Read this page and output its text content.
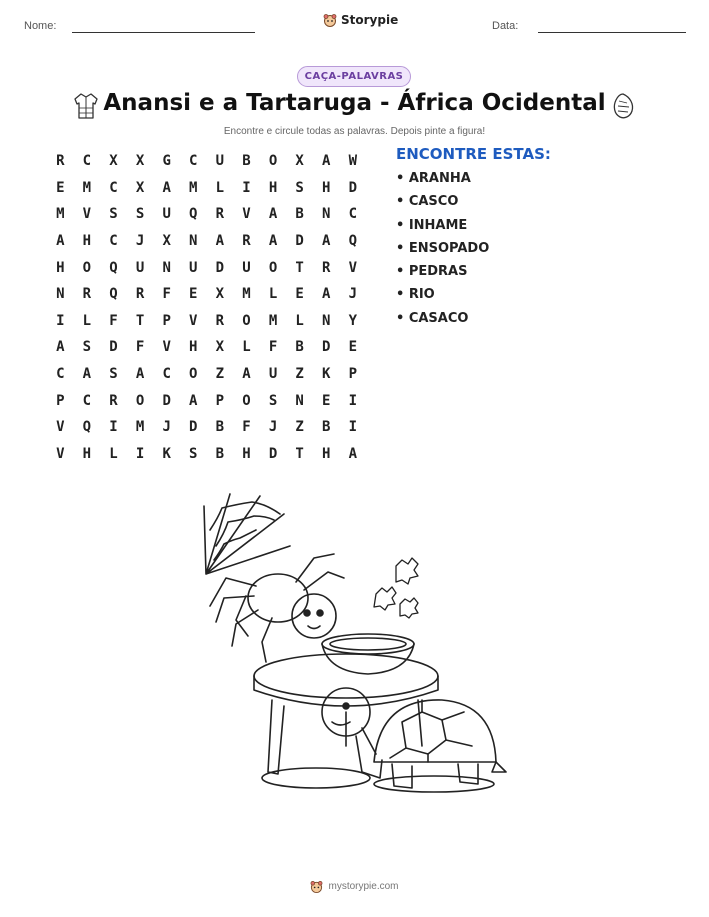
Nome:	Storypie	Data:
CAÇA-PALAVRAS
Anansi e a Tartaruga - África Ocidental
Encontre e circule todas as palavras. Depois pinte a figura!
R	C	X	X	G	C	U	B	O	X	A	W
E	M	C	X	A	M	L	I	H	S	H	D
M	V	S	S	U	Q	R	V	A	B	N	C
A	H	C	J	X	N	A	R	A	D	A	Q
H	O	Q	U	N	U	D	U	O	T	R	V
N	R	Q	R	F	E	X	M	L	E	A	J
I	L	F	T	P	V	R	O	M	L	N	Y
A	S	D	F	V	H	X	L	F	B	D	E
C	A	S	A	C	O	Z	A	U	Z	K	P
P	C	R	O	D	A	P	O	S	N	E	I
V	Q	I	M	J	D	B	F	J	Z	B	I
V	H	L	I	K	S	B	H	D	T	H	A
ENCONTRE ESTAS:
• ARANHA
• CASCO
• INHAME
• ENSOPADO
• PEDRAS
• RIO
• CASACO
mystorypie.com
